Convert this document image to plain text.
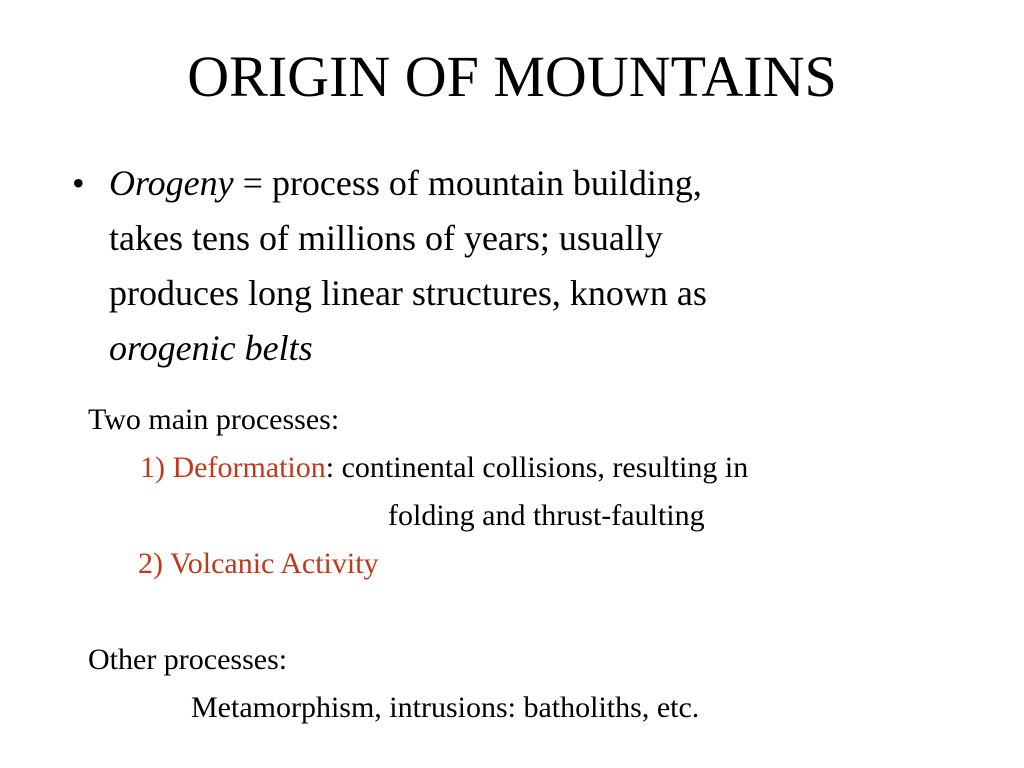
ORIGIN OF MOUNTAINS
• Orogeny = process of mountain building,
takes tens of millions of years; usually
produces long linear structures, known as
orogenic belts
Two main processes:
1) Deformation: continental collisions, resulting in
folding and thrust-faulting
2) Volcanic Activity
Other processes:
Metamorphism, intrusions: batholiths, etc.
